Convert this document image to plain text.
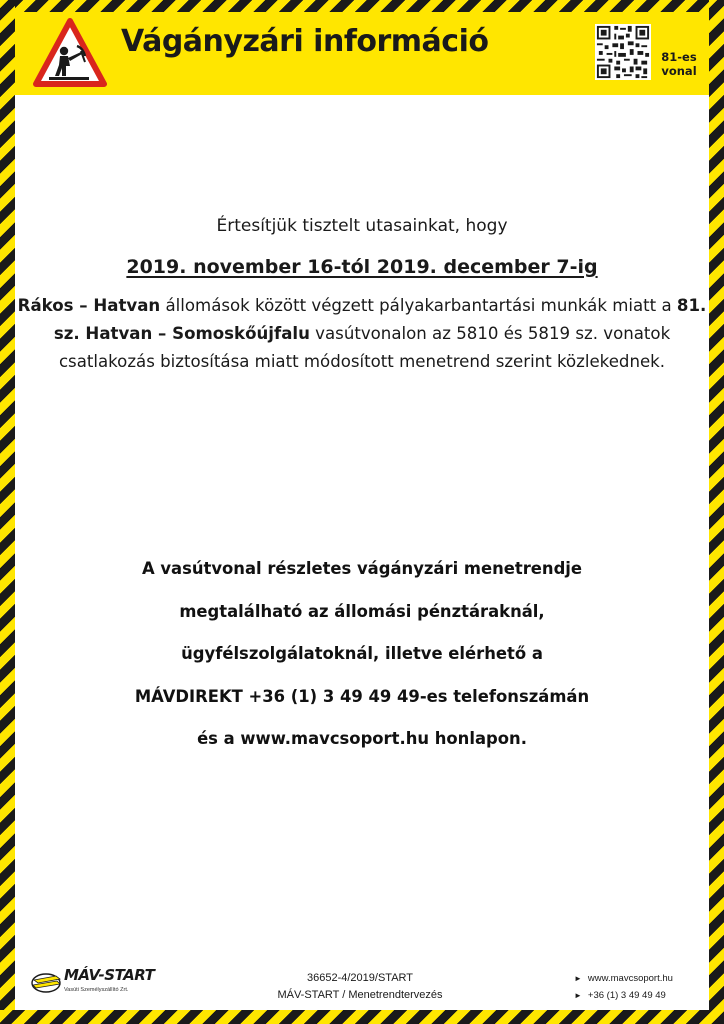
Vágányzári információ	81-es vonal
Értesítjük tisztelt utasainkat, hogy
2019. november 16-tól 2019. december 7-ig
Rákos – Hatvan állomások között végzett pályakarbantartási munkák miatt a 81. sz. Hatvan – Somoskőújfalu vasútvonalon az 5810 és 5819 sz. vonatok csatlakozás biztosítása miatt módosított menetrend szerint közlekednek.
A vasútvonal részletes vágányzári menetrendje
megtalálható az állomási pénztáraknál,
ügyfélszolgálatoknál, illetve elérhető a
MÁVDIREKT +36 (1) 3 49 49 49-es telefonszámán
és a www.mavcsoport.hu honlapon.
MÁV-START
Vasúti Személyszállító Zrt.
36652-4/2019/START
MÁV-START / Menetrendtervezés
► www.mavcsoport.hu
► +36 (1) 3 49 49 49
